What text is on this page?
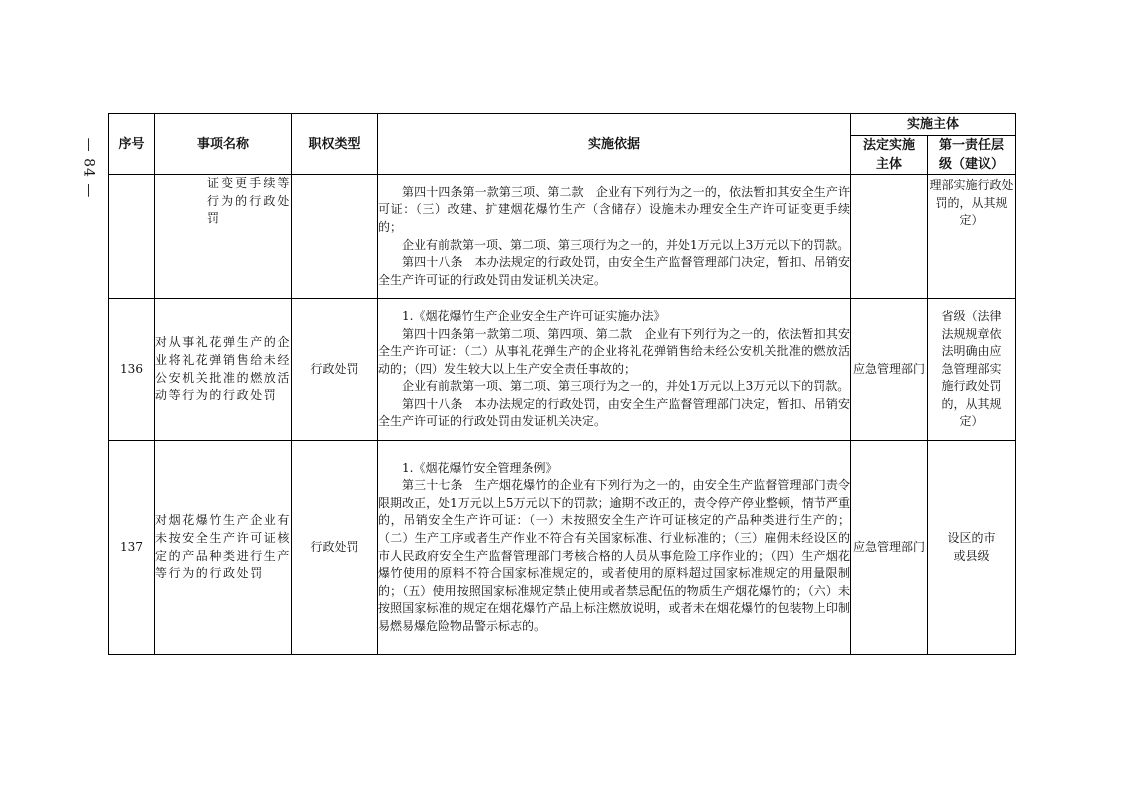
— 84 — 序号	事项名称	职权类型	实施依据	实施主体	
				法定实施主体	第一责任层级（建议）
	证变更手续等行为的行政处罚		第四十四条第一款第三项、第二款　企业有下列行为之一的，依法暂扣其安全生产许可证：（三）改建、扩建烟花爆竹生产（含储存）设施未办理安全生产许可证变更手续的；

企业有前款第一项、第二项、第三项行为之一的，并处1万元以上3万元以下的罚款。

第四十八条　本办法规定的行政处罚，由安全生产监督管理部门决定，暂扣、吊销安全生产许可证的行政处罚由发证机关决定。		理部实施行政处罚的，从其规定）
136	对从事礼花弹生产的企业将礼花弹销售给未经公安机关批准的燃放活动等行为的行政处罚	行政处罚	1.《烟花爆竹生产企业安全生产许可证实施办法》

第四十四条第一款第二项、第四项、第二款　企业有下列行为之一的，依法暂扣其安全生产许可证：（二）从事礼花弹生产的企业将礼花弹销售给未经公安机关批准的燃放活动的；（四）发生较大以上生产安全责任事故的；

企业有前款第一项、第二项、第三项行为之一的，并处1万元以上3万元以下的罚款。

第四十八条　本办法规定的行政处罚，由安全生产监督管理部门决定，暂扣、吊销安全生产许可证的行政处罚由发证机关决定。	应急管理部门	省级（法律法规规章依法明确由应急管理部实施行政处罚的，从其规定）
137	对烟花爆竹生产企业有未按安全生产许可证核定的产品种类进行生产等行为的行政处罚	行政处罚	1.《烟花爆竹安全管理条例》

第三十七条　生产烟花爆竹的企业有下列行为之一的，由安全生产监督管理部门责令限期改正，处1万元以上5万元以下的罚款；逾期不改正的，责令停产停业整顿，情节严重的，吊销安全生产许可证：（一）未按照安全生产许可证核定的产品种类进行生产的；（二）生产工序或者生产作业不符合有关国家标准、行业标准的；（三）雇佣未经设区的市人民政府安全生产监督管理部门考核合格的人员从事危险工序作业的；（四）生产烟花爆竹使用的原料不符合国家标准规定的，或者使用的原料超过国家标准规定的用量限制的；（五）使用按照国家标准规定禁止使用或者禁忌配伍的物质生产烟花爆竹的；（六）未按照国家标准的规定在烟花爆竹产品上标注燃放说明，或者未在烟花爆竹的包装物上印制易燃易爆危险物品警示标志的。	应急管理部门	设区的市或县级
